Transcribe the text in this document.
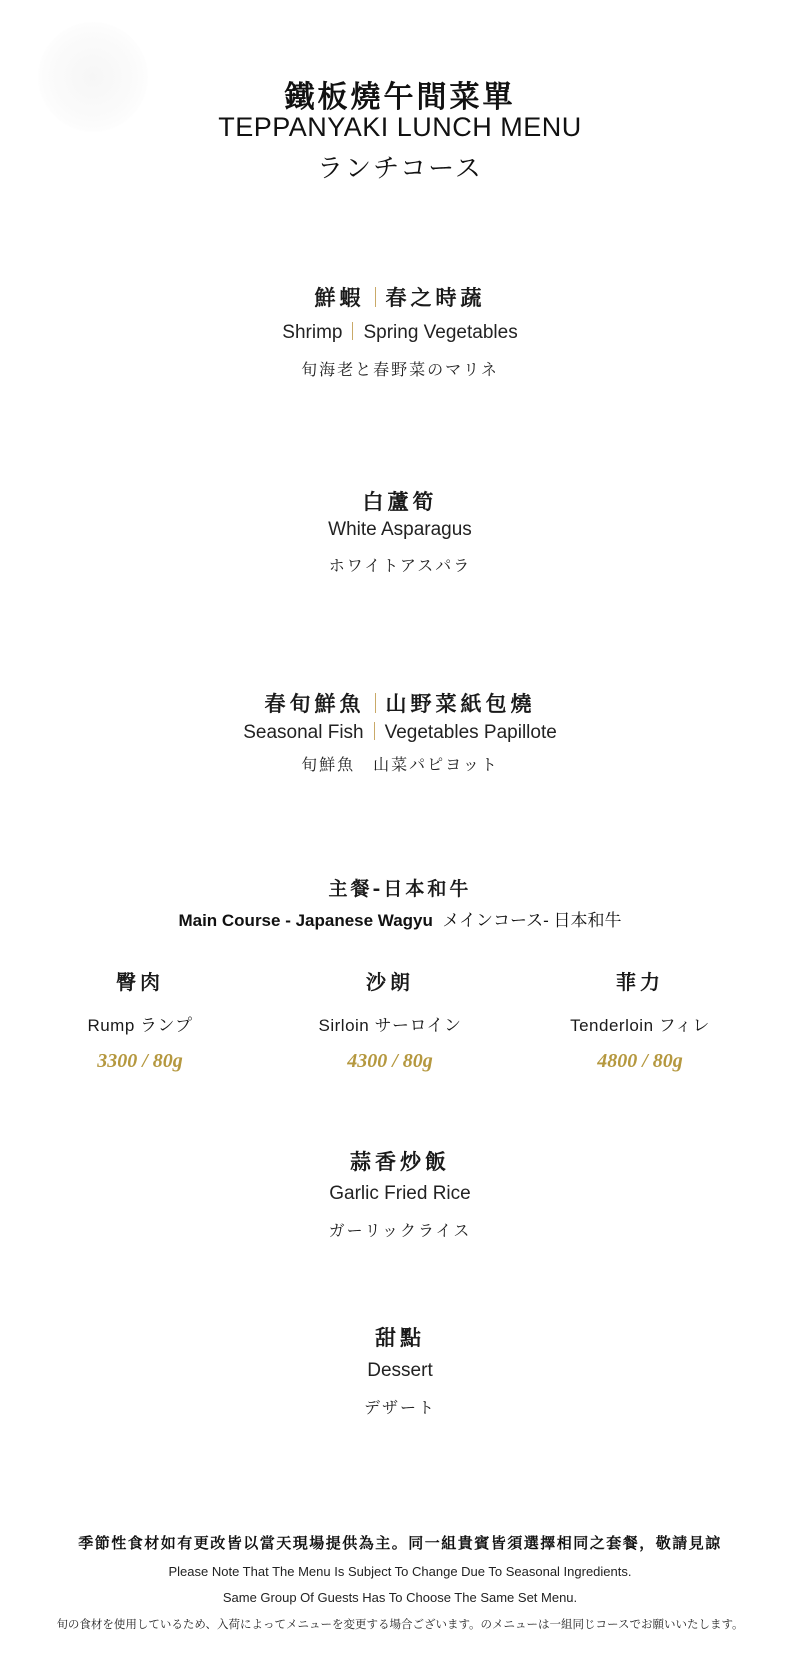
鐵板燒午間菜單
TEPPANYAKI LUNCH MENU
ランチコース
鮮蝦 春之時蔬
Shrimp Spring Vegetables
旬海老と春野菜のマリネ
白蘆筍
White Asparagus
ホワイトアスパラ
春旬鮮魚 山野菜紙包燒
Seasonal Fish Vegetables Papillote
旬鮮魚　山菜パピヨット
主餐-日本和牛
Main Course - Japanese Wagyu メインコース- 日本和牛
臀肉
Rump ランプ
3300 / 80g
沙朗
Sirloin サーロイン
4300 / 80g
菲力
Tenderloin フィレ
4800 / 80g
蒜香炒飯
Garlic Fried Rice
ガーリックライス
甜點
Dessert
デザート
季節性食材如有更改皆以當天現場提供為主。同一組貴賓皆須選擇相同之套餐，敬請見諒
Please Note That The Menu Is Subject To Change Due To Seasonal Ingredients.
Same Group Of Guests Has To Choose The Same Set Menu.
旬の食材を使用しているため、入荷によってメニューを変更する場合ございます。のメニューは一組同じコースでお願いいたします。
